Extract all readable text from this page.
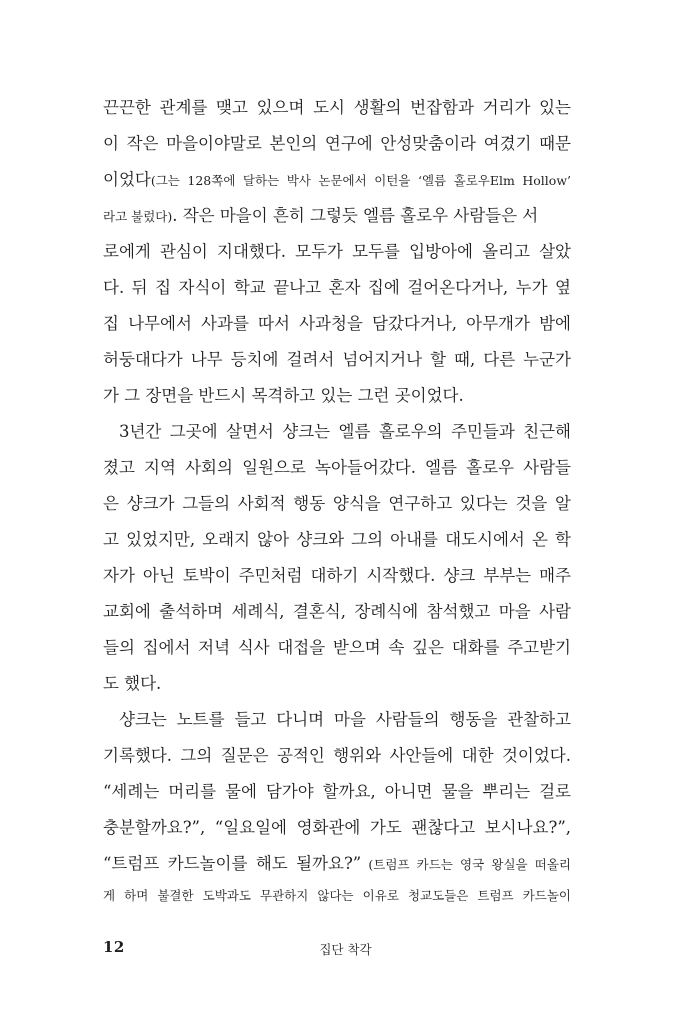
끈끈한 관계를 맺고 있으며 도시 생활의 번잡함과 거리가 있는
이 작은 마을이야말로 본인의 연구에 안성맞춤이라 여겼기 때문
이었다(그는 128쪽에 달하는 박사 논문에서 이턴을 ‘엘름 홀로우Elm Hollow’
라고 불렀다). 작은 마을이 흔히 그렇듯 엘름 홀로우 사람들은 서
로에게 관심이 지대했다. 모두가 모두를 입방아에 올리고 살았
다. 뒤 집 자식이 학교 끝나고 혼자 집에 걸어온다거나, 누가 옆
집 나무에서 사과를 따서 사과청을 담갔다거나, 아무개가 밤에
허둥대다가 나무 등치에 걸려서 넘어지거나 할 때, 다른 누군가
가 그 장면을 반드시 목격하고 있는 그런 곳이었다.
3년간 그곳에 살면서 샹크는 엘름 홀로우의 주민들과 친근해
졌고 지역 사회의 일원으로 녹아들어갔다. 엘름 홀로우 사람들
은 샹크가 그들의 사회적 행동 양식을 연구하고 있다는 것을 알
고 있었지만, 오래지 않아 샹크와 그의 아내를 대도시에서 온 학
자가 아닌 토박이 주민처럼 대하기 시작했다. 샹크 부부는 매주
교회에 출석하며 세례식, 결혼식, 장례식에 참석했고 마을 사람
들의 집에서 저녁 식사 대접을 받으며 속 깊은 대화를 주고받기
도 했다.
샹크는 노트를 들고 다니며 마을 사람들의 행동을 관찰하고
기록했다. 그의 질문은 공적인 행위와 사안들에 대한 것이었다.
“세례는 머리를 물에 담가야 할까요, 아니면 물을 뿌리는 걸로
충분할까요?”, “일요일에 영화관에 가도 괜찮다고 보시나요?”,
“트럼프 카드놀이를 해도 될까요?” (트럼프 카드는 영국 왕실을 떠올리
게 하며 불결한 도박과도 무관하지 않다는 이유로 청교도들은 트럼프 카드놀이
12	집단 착각
